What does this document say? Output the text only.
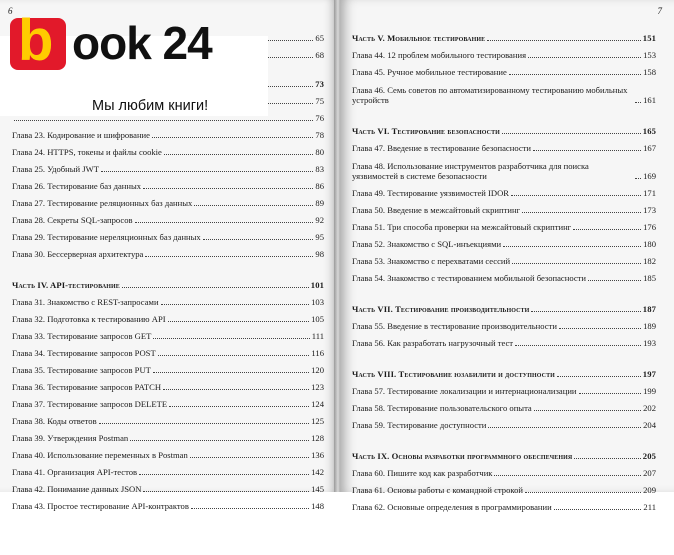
6
65
68
73
75
76
Глава 23. Кодирование и шифрование	78
Глава 24. HTTPS, токены и файлы cookie	80
Глава 25. Удобный JWT	83
Глава 26. Тестирование баз данных	86
Глава 27. Тестирование реляционных баз данных	89
Глава 28. Секреты SQL-запросов	92
Глава 29. Тестирование нереляционных баз данных	95
Глава 30. Бессерверная архитектура	98
Часть IV. API-тестирование	101
Глава 31. Знакомство с REST-запросами	103
Глава 32. Подготовка к тестированию API	105
Глава 33. Тестирование запросов GET	111
Глава 34. Тестирование запросов POST	116
Глава 35. Тестирование запросов PUT	120
Глава 36. Тестирование запросов PATCH	123
Глава 37. Тестирование запросов DELETE	124
Глава 38. Коды ответов	125
Глава 39. Утверждения Postman	128
Глава 40. Использование переменных в Postman	136
Глава 41. Организация API-тестов	142
Глава 42. Понимание данных JSON	145
Глава 43. Простое тестирование API-контрактов	148
7
Часть V. Мобильное тестирование	151
Глава 44. 12 проблем мобильного тестирования	153
Глава 45. Ручное мобильное тестирование	158
Глава 46. Семь советов по автоматизированному тестированию мобильных устройств	161
Часть VI. Тестирование безопасности	165
Глава 47. Введение в тестирование безопасности	167
Глава 48. Использование инструментов разработчика для поиска уязвимостей в системе безопасности	169
Глава 49. Тестирование уязвимостей IDOR	171
Глава 50. Введение в межсайтовый скриптинг	173
Глава 51. Три способа проверки на межсайтовый скриптинг	176
Глава 52. Знакомство с SQL-инъекциями	180
Глава 53. Знакомство с перехватами сессий	182
Глава 54. Знакомство с тестированием мобильной безопасности	185
Часть VII. Тестирование производительности	187
Глава 55. Введение в тестирование производительности	189
Глава 56. Как разработать нагрузочный тест	193
Часть VIII. Тестирование юзабилити и доступности	197
Глава 57. Тестирование локализации и интернационализации	199
Глава 58. Тестирование пользовательского опыта	202
Глава 59. Тестирование доступности	204
Часть IX. Основы разработки программного обеспечения	205
Глава 60. Пишите код как разработчик	207
Глава 61. Основы работы с командной строкой	209
Глава 62. Основные определения в программировании	211
b ook 24
Мы любим книги!
